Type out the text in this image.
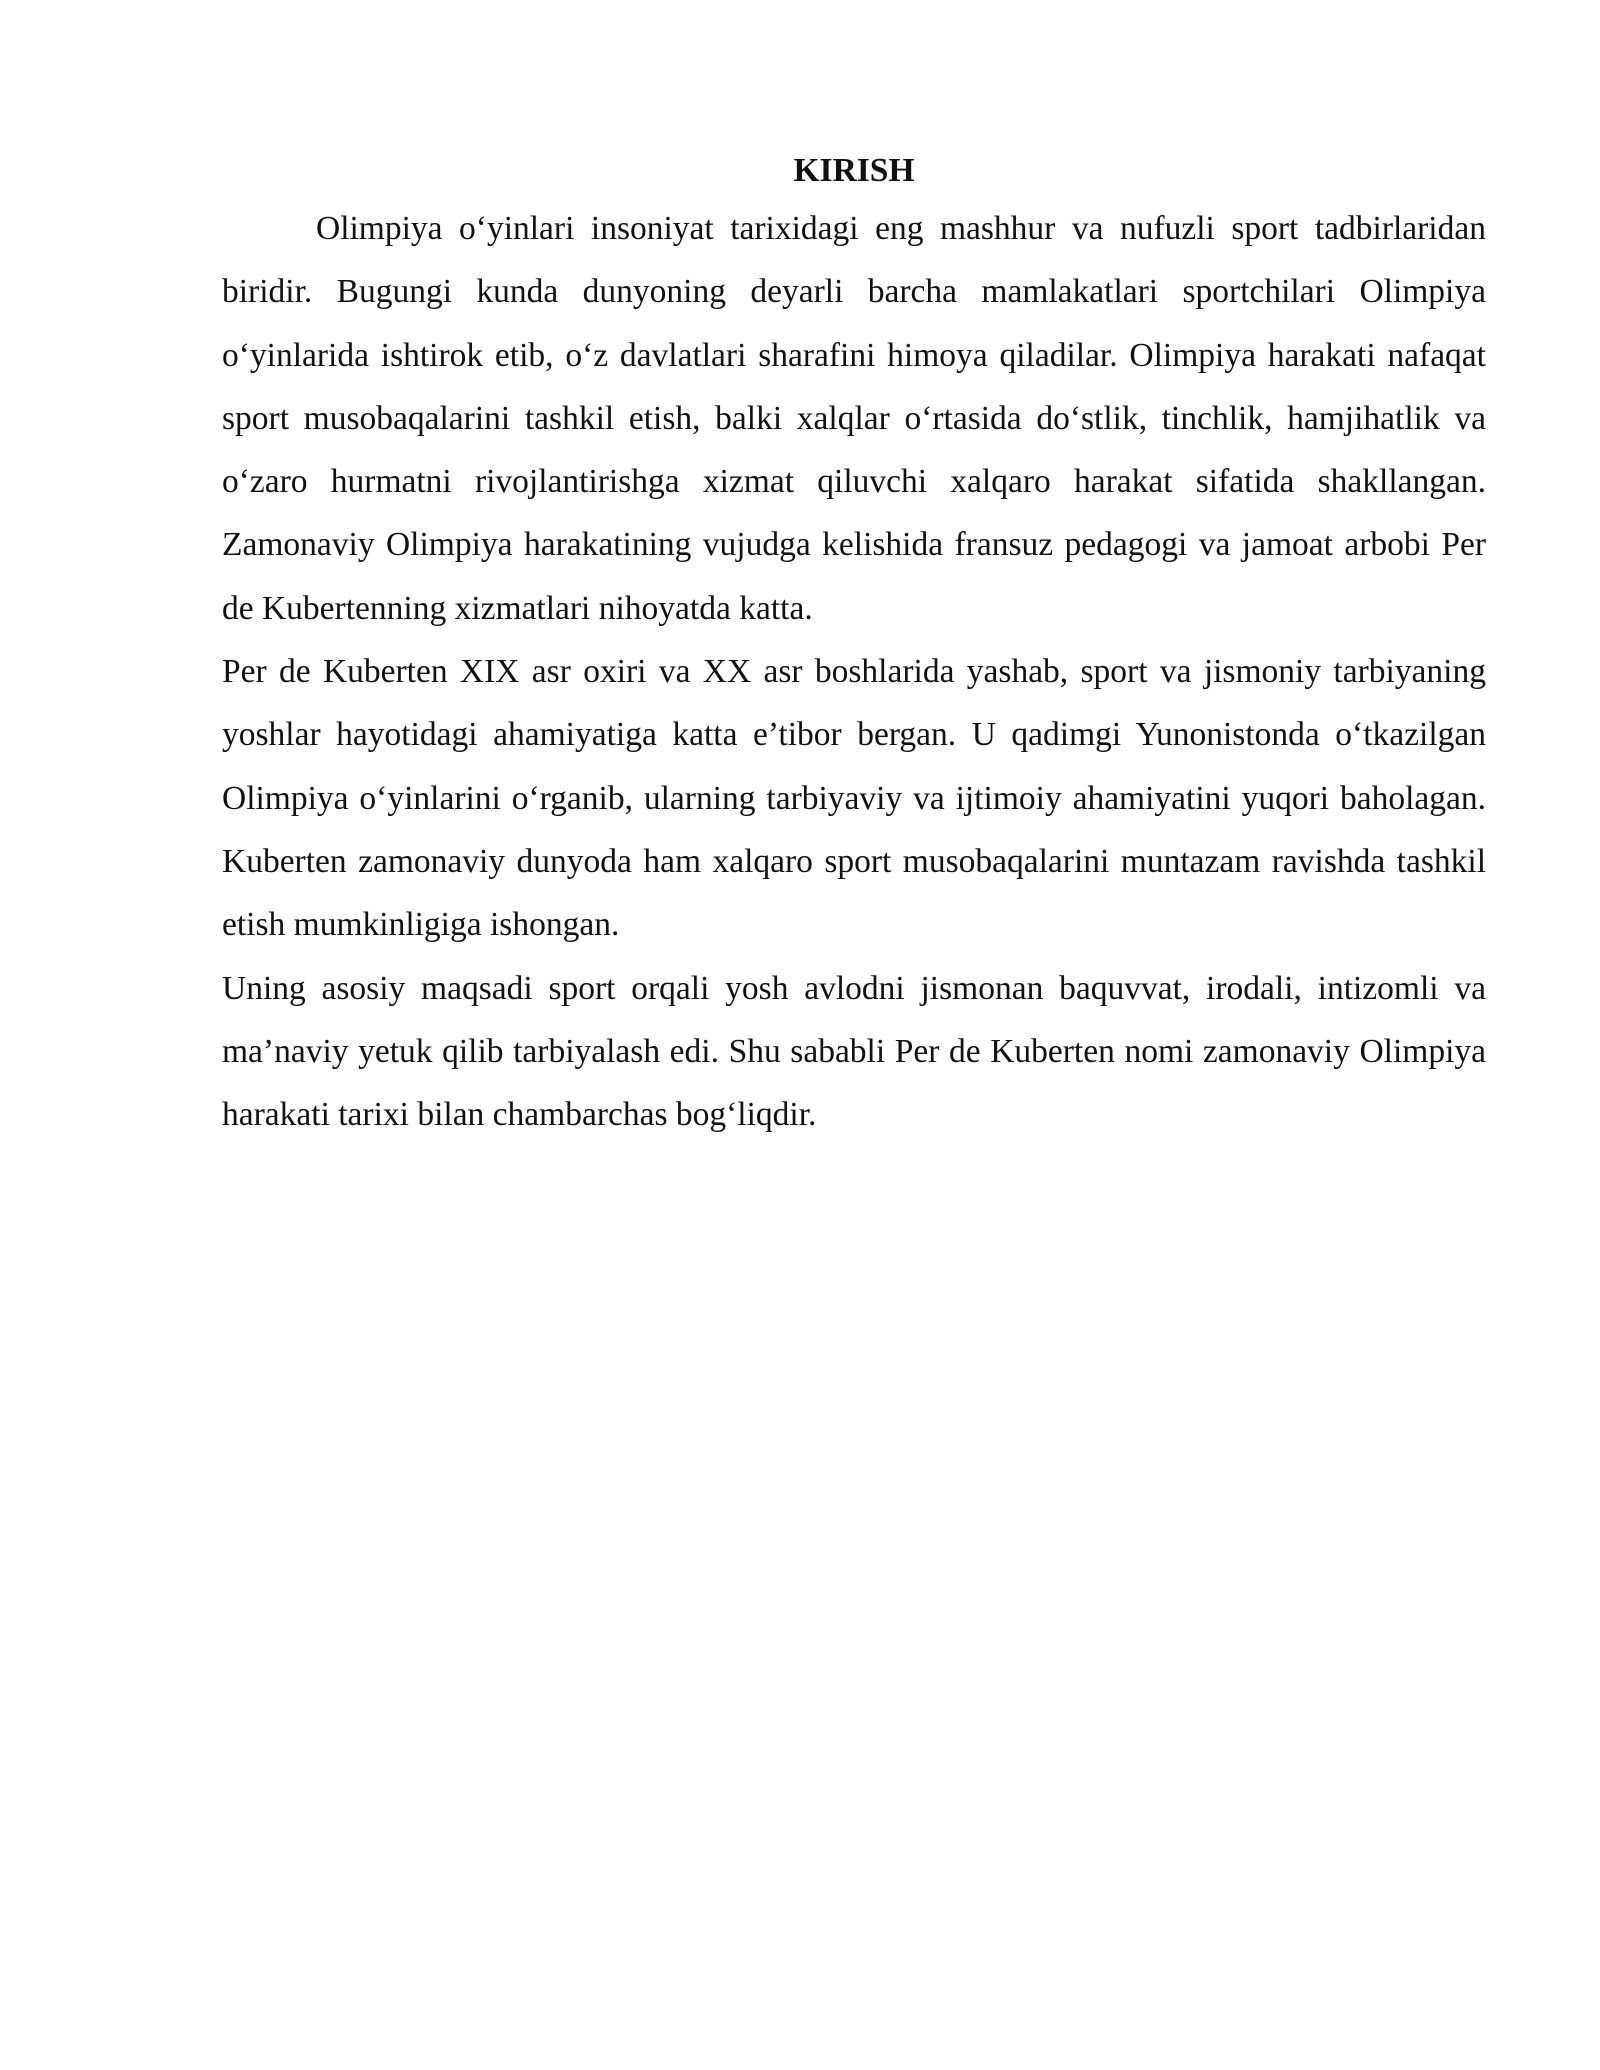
KIRISH

Olimpiya o‘yinlari insoniyat tarixidagi eng mashhur va nufuzli sport tadbirlaridan biridir. Bugungi kunda dunyoning deyarli barcha mamlakatlari sportchilari Olimpiya o‘yinlarida ishtirok etib, o‘z davlatlari sharafini himoya qiladilar. Olimpiya harakati nafaqat sport musobaqalarini tashkil etish, balki xalqlar o‘rtasida do‘stlik, tinchlik, hamjihatlik va o‘zaro hurmatni rivojlantirishga xizmat qiluvchi xalqaro harakat sifatida shakllangan. Zamonaviy Olimpiya harakatining vujudga kelishida fransuz pedagogi va jamoat arbobi Per de Kubertenning xizmatlari nihoyatda katta.

Per de Kuberten XIX asr oxiri va XX asr boshlarida yashab, sport va jismoniy tarbiyaning yoshlar hayotidagi ahamiyatiga katta e’tibor bergan. U qadimgi Yunonistonda o‘tkazilgan Olimpiya o‘yinlarini o‘rganib, ularning tarbiyaviy va ijtimoiy ahamiyatini yuqori baholagan. Kuberten zamonaviy dunyoda ham xalqaro sport musobaqalarini muntazam ravishda tashkil etish mumkinligiga ishongan.

Uning asosiy maqsadi sport orqali yosh avlodni jismonan baquvvat, irodali, intizomli va ma’naviy yetuk qilib tarbiyalash edi. Shu sababli Per de Kuberten nomi zamonaviy Olimpiya harakati tarixi bilan chambarchas bog‘liqdir.
